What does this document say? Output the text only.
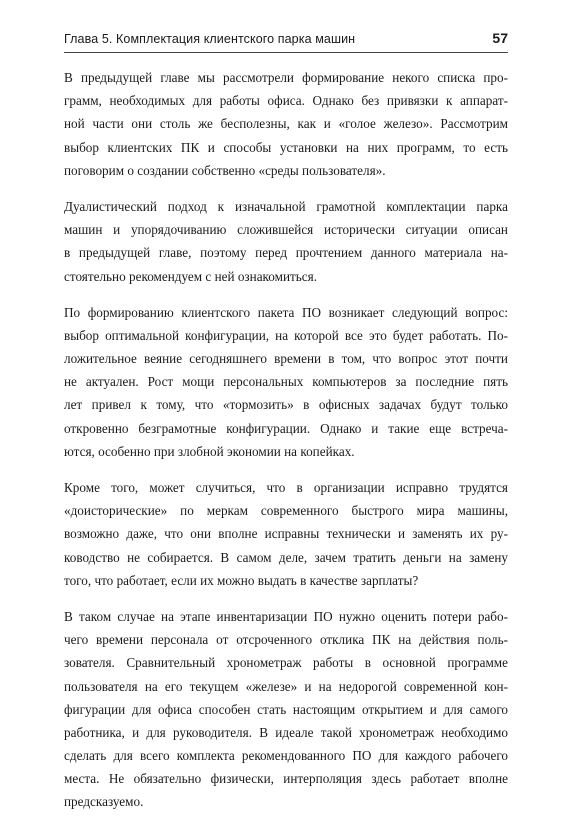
Глава 5. Комплектация клиентского парка машин	57
В предыдущей главе мы рассмотрели формирование некого списка про-
грамм, необходимых для работы офиса. Однако без привязки к аппарат-
ной части они столь же бесполезны, как и «голое железо». Рассмотрим
выбор клиентских ПК и способы установки на них программ, то есть
поговорим о создании собственно «среды пользователя».
Дуалистический подход к изначальной грамотной комплектации парка
машин и упорядочиванию сложившейся исторически ситуации описан
в предыдущей главе, поэтому перед прочтением данного материала на-
стоятельно рекомендуем с ней ознакомиться.
По формированию клиентского пакета ПО возникает следующий вопрос:
выбор оптимальной конфигурации, на которой все это будет работать. По-
ложительное веяние сегодняшнего времени в том, что вопрос этот почти
не актуален. Рост мощи персональных компьютеров за последние пять
лет привел к тому, что «тормозить» в офисных задачах будут только
откровенно безграмотные конфигурации. Однако и такие еще встреча-
ются, особенно при злобной экономии на копейках.
Кроме того, может случиться, что в организации исправно трудятся
«доисторические» по меркам современного быстрого мира машины,
возможно даже, что они вполне исправны технически и заменять их ру-
ководство не собирается. В самом деле, зачем тратить деньги на замену
того, что работает, если их можно выдать в качестве зарплаты?
В таком случае на этапе инвентаризации ПО нужно оценить потери рабо-
чего времени персонала от отсроченного отклика ПК на действия поль-
зователя. Сравнительный хронометраж работы в основной программе
пользователя на его текущем «железе» и на недорогой современной кон-
фигурации для офиса способен стать настоящим открытием и для самого
работника, и для руководителя. В идеале такой хронометраж необходимо
сделать для всего комплекта рекомендованного ПО для каждого рабочего
места. Не обязательно физически, интерполяция здесь работает вполне
предсказуемо.
